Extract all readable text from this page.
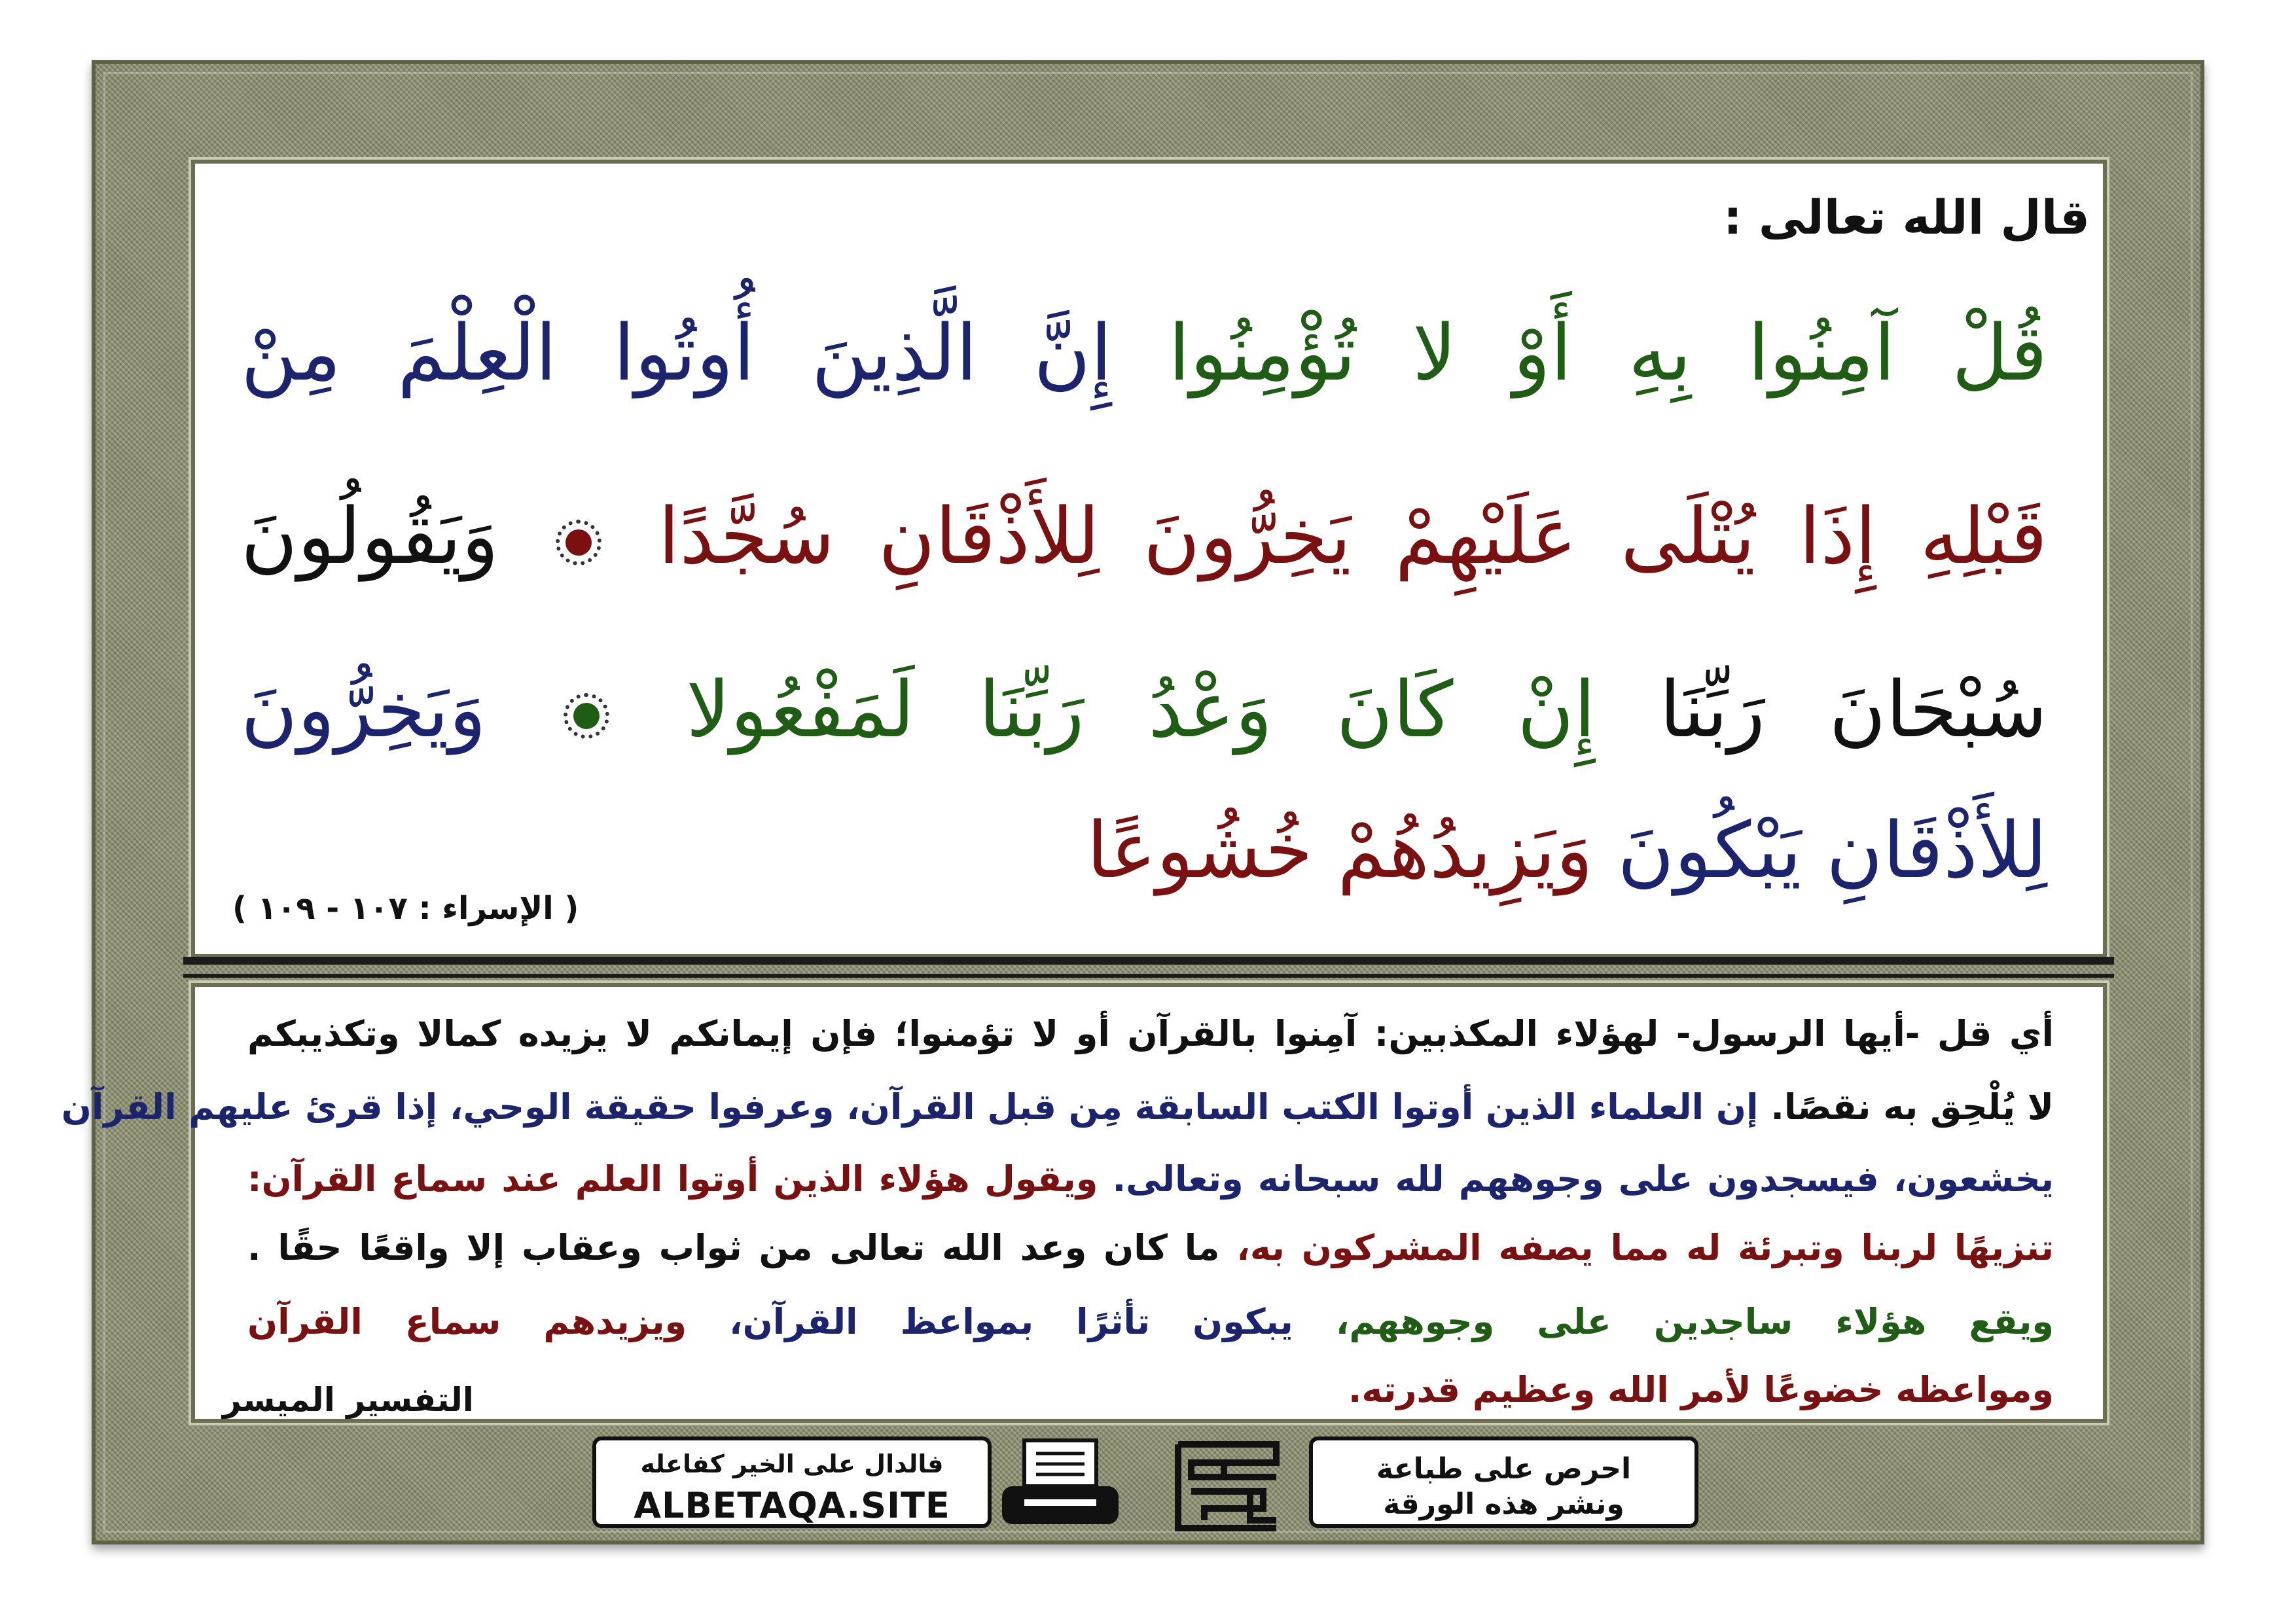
قال الله تعالى :
قُلْ آمِنُوا بِهِ أَوْ لا تُؤْمِنُوا إِنَّ الَّذِينَ أُوتُوا الْعِلْمَ مِنْ
قَبْلِهِ إِذَا يُتْلَى عَلَيْهِمْ يَخِرُّونَ لِلأَذْقَانِ سُجَّدًا
وَيَقُولُونَ
سُبْحَانَ رَبِّنَا إِنْ كَانَ وَعْدُ رَبِّنَا لَمَفْعُولا
وَيَخِرُّونَ
لِلأَذْقَانِ يَبْكُونَ وَيَزِيدُهُمْ خُشُوعًا
( الإسراء : ١٠٧ - ١٠٩ )
أي قل -أيها الرسول- لهؤلاء المكذبين: آمِنوا بالقرآن أو لا تؤمنوا؛ فإن إيمانكم لا يزيده كمالا وتكذيبكم
لا يُلْحِق به نقصًا. إن العلماء الذين أوتوا الكتب السابقة مِن قبل القرآن، وعرفوا حقيقة الوحي، إذا قرئ عليهم القرآن
يخشعون، فيسجدون على وجوههم لله سبحانه وتعالى. ويقول هؤلاء الذين أوتوا العلم عند سماع القرآن:
تنزيهًا لربنا وتبرئة له مما يصفه المشركون به، ما كان وعد الله تعالى من ثواب وعقاب إلا واقعًا حقًا .
ويقع هؤلاء ساجدين على وجوههم، يبكون تأثرًا بمواعظ القرآن، ويزيدهم سماع القرآن
ومواعظه خضوعًا لأمر الله وعظيم قدرته.
التفسير الميسر
فالدال على الخير كفاعله
ALBETAQA.SITE
احرص على طباعة
ونشر هذه الورقة
